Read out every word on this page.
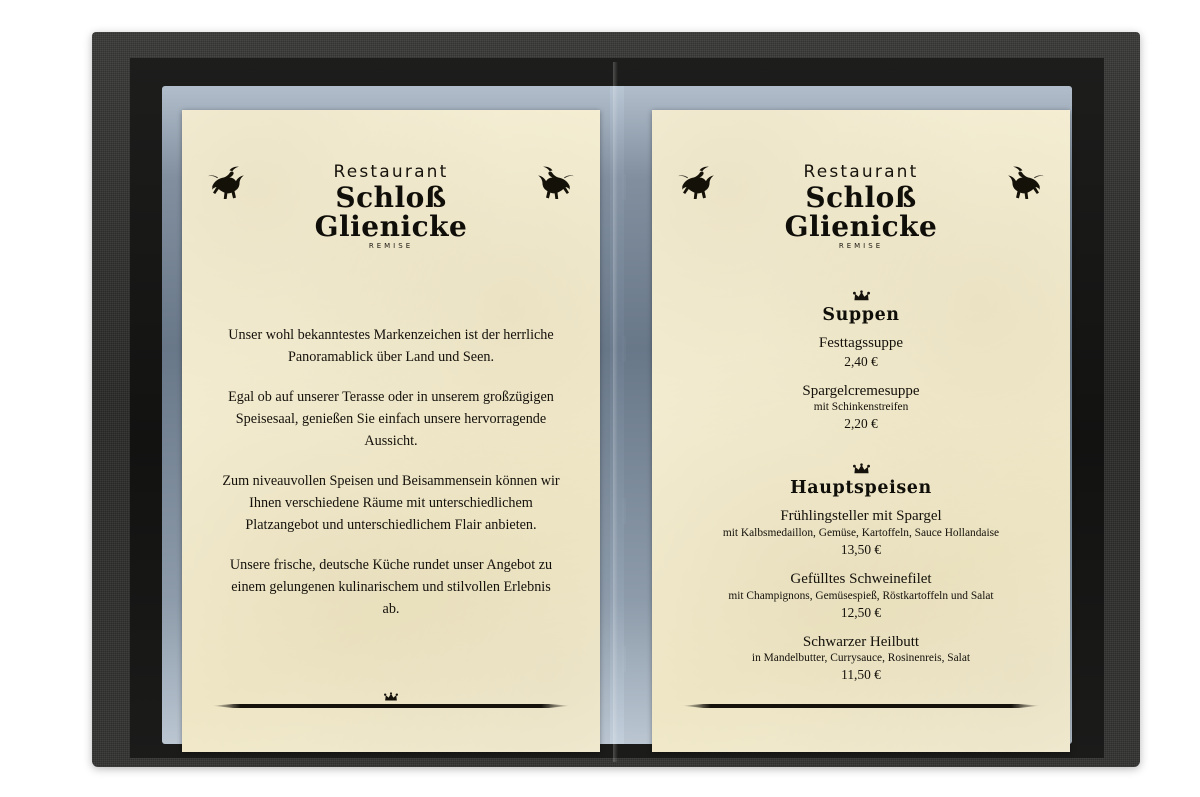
Restaurant
Schloß Glienicke
REMISE

Unser wohl bekanntestes Markenzeichen ist der herrliche Panoramablick über Land und Seen.

Egal ob auf unserer Terasse oder in unserem großzügigen Speisesaal, genießen Sie einfach unsere hervorragende Aussicht.

Zum niveauvollen Speisen und Beisammensein können wir Ihnen verschiedene Räume mit unterschiedlichem Platzangebot und unterschiedlichem Flair anbieten.

Unsere frische, deutsche Küche rundet unser Angebot zu einem gelungenen kulinarischem und stilvollen Erlebnis ab.

Restaurant
Schloß Glienicke
REMISE
Suppen
Festtagssuppe
2,40 €
Spargelcremesuppe
mit Schinkenstreifen
2,20 €
Hauptspeisen
Frühlingsteller mit Spargel
mit Kalbsmedaillon, Gemüse, Kartoffeln, Sauce Hollandaise
13,50 €
Gefülltes Schweinefilet
mit Champignons, Gemüsespieß, Röstkartoffeln und Salat
12,50 €
Schwarzer Heilbutt
in Mandelbutter, Currysauce, Rosinenreis, Salat
11,50 €
